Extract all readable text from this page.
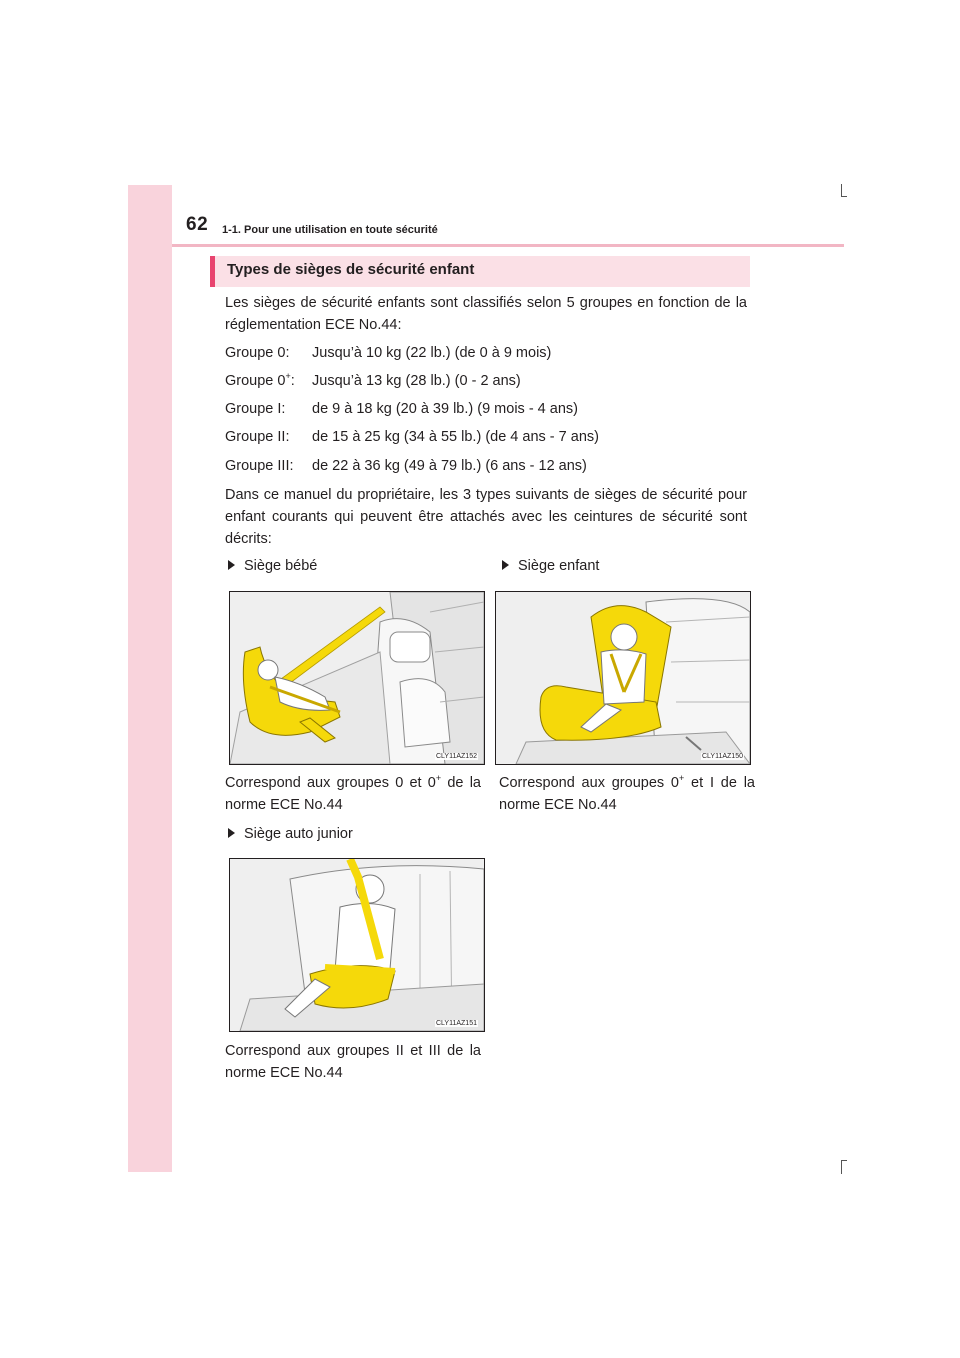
62 1-1. Pour une utilisation en toute sécurité
Types de sièges de sécurité enfant

Les sièges de sécurité enfants sont classifiés selon 5 groupes en fonction de la réglementation ECE No.44:

Groupe 0: Jusqu’à 10 kg (22 lb.) (de 0 à 9 mois)
Groupe 0+: Jusqu’à 13 kg (28 lb.) (0 - 2 ans)
Groupe I: de 9 à 18 kg (20 à 39 lb.) (9 mois - 4 ans)
Groupe II: de 15 à 25 kg (34 à 55 lb.) (de 4 ans - 7 ans)
Groupe III: de 22 à 36 kg (49 à 79 lb.) (6 ans - 12 ans)

Dans ce manuel du propriétaire, les 3 types suivants de sièges de sécurité pour enfant courants qui peuvent être attachés avec les ceintures de sécurité sont décrits:

Siège bébé
CLY11AZ152

Correspond aux groupes 0 et 0+ de la norme ECE No.44

Siège enfant
CLY11AZ150

Correspond aux groupes 0+ et I de la norme ECE No.44

Siège auto junior
CLY11AZ151

Correspond aux groupes II et III de la norme ECE No.44
